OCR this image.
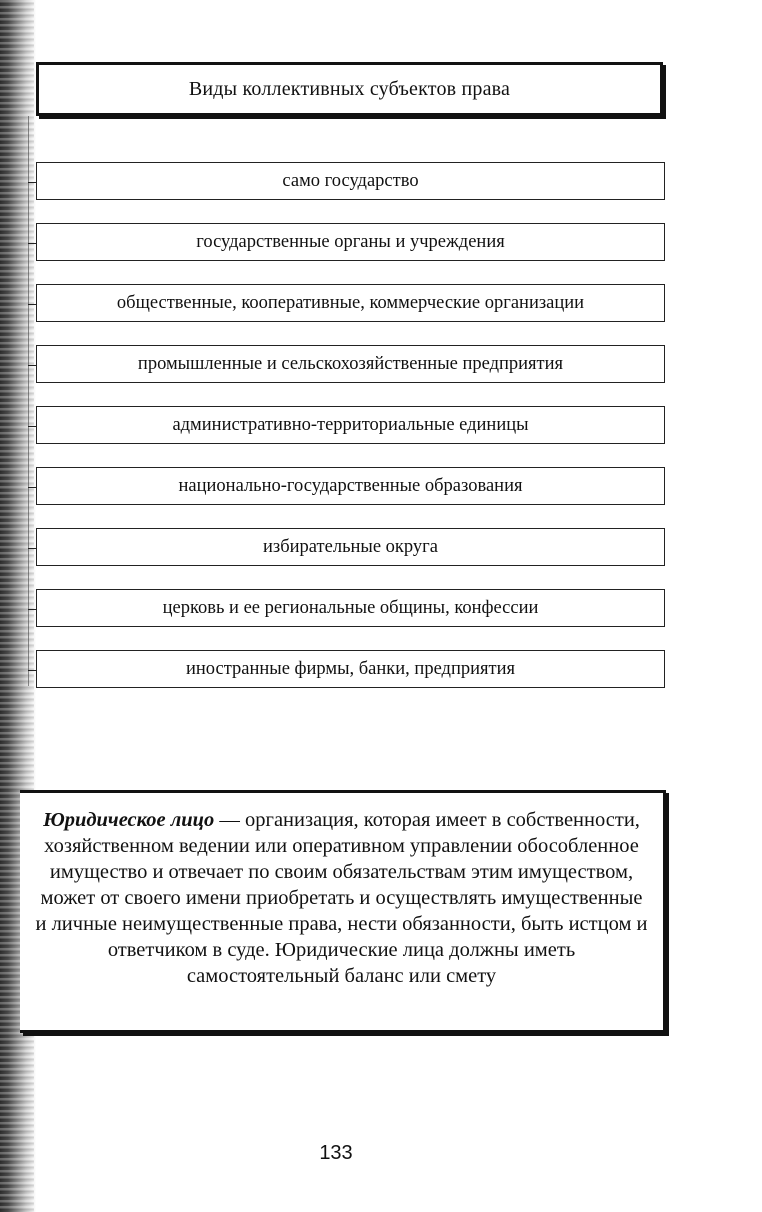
Виды коллективных субъектов права
само государство
государственные органы и учреждения
общественные, кооперативные, коммерческие организации
промышленные и сельскохозяйственные предприятия
административно-территориальные единицы
национально-государственные образования
избирательные округа
церковь и ее региональные общины, конфессии
иностранные фирмы, банки, предприятия
Юридическое лицо — организация, которая имеет в собственности, хозяйственном ведении или оперативном управлении обособленное имущество и отвечает по своим обязательствам этим имуществом, может от своего имени приобретать и осуществлять имущественные и личные неимущественные права, нести обязанности, быть истцом и ответчиком в суде. Юридические лица должны иметь самостоятельный баланс или смету
133
